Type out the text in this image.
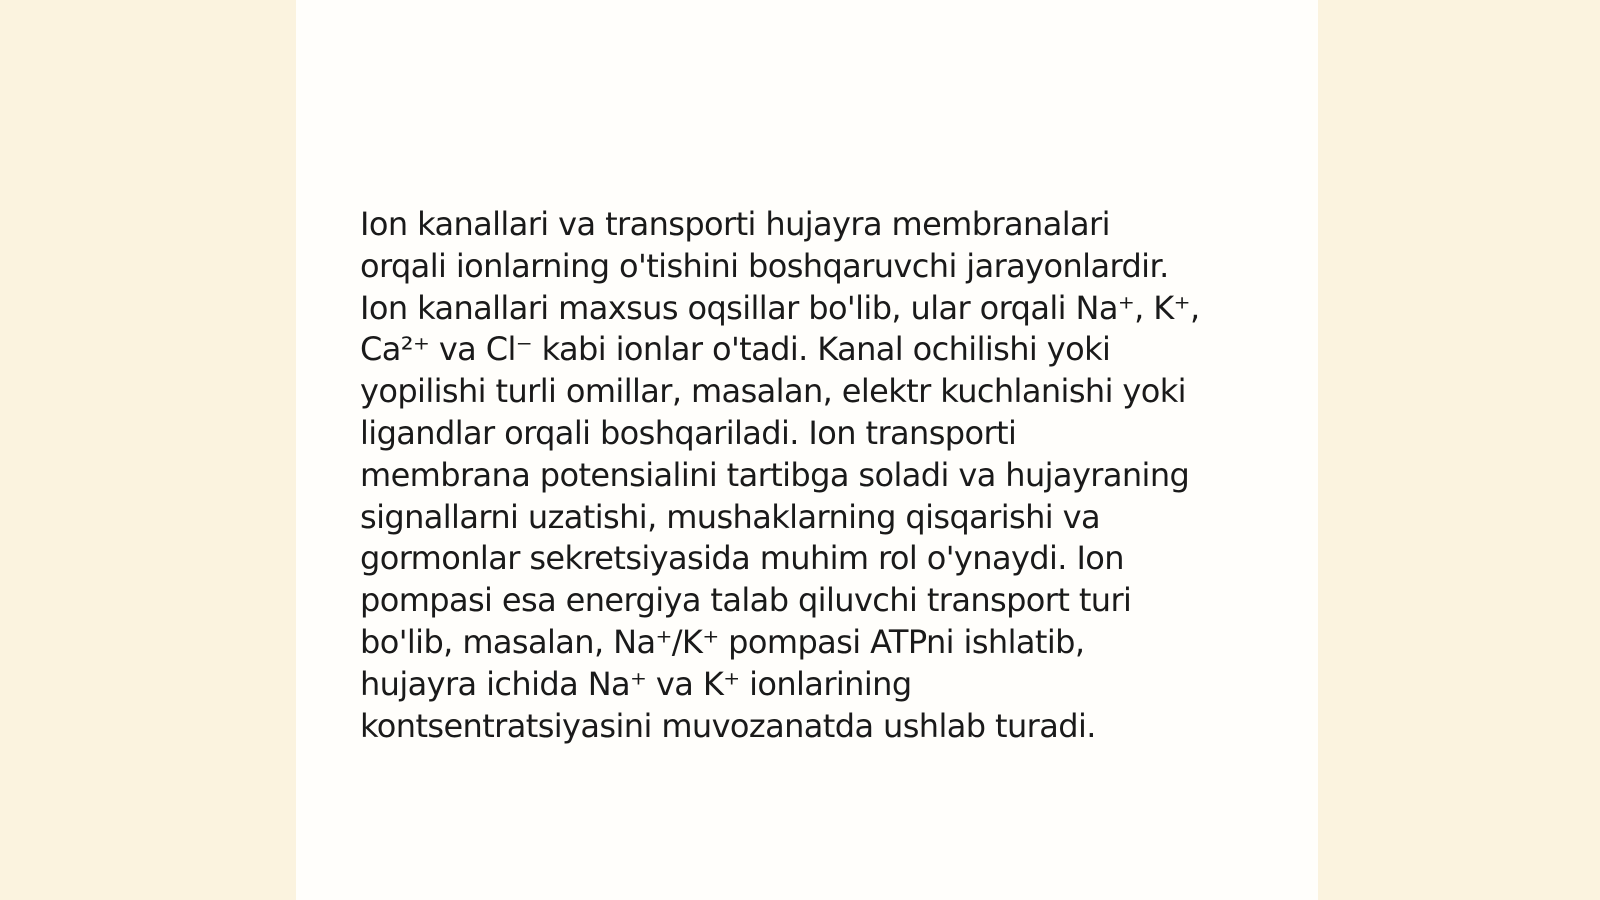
Ion kanallari va transporti hujayra membranalari
orqali ionlarning o'tishini boshqaruvchi jarayonlardir.
Ion kanallari maxsus oqsillar bo'lib, ular orqali Na⁺, K⁺,
Ca²⁺ va Cl⁻ kabi ionlar o'tadi. Kanal ochilishi yoki
yopilishi turli omillar, masalan, elektr kuchlanishi yoki
ligandlar orqali boshqariladi. Ion transporti
membrana potensialini tartibga soladi va hujayraning
signallarni uzatishi, mushaklarning qisqarishi va
gormonlar sekretsiyasida muhim rol o'ynaydi. Ion
pompasi esa energiya talab qiluvchi transport turi
bo'lib, masalan, Na⁺/K⁺ pompasi ATPni ishlatib,
hujayra ichida Na⁺ va K⁺ ionlarining
kontsentratsiyasini muvozanatda ushlab turadi.
